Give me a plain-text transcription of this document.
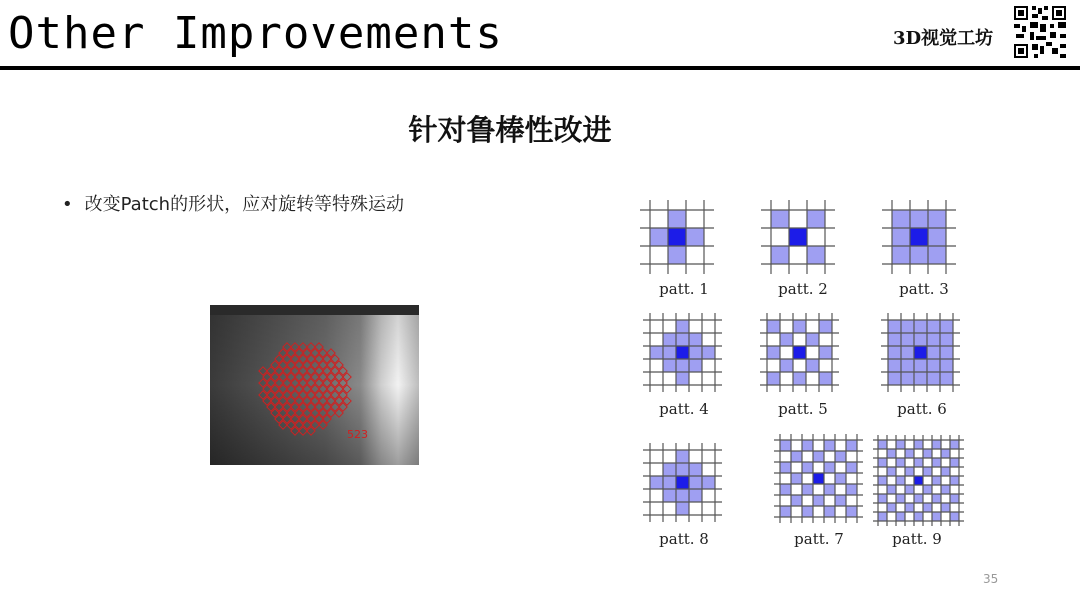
Other Improvements	3D视觉工坊
针对鲁棒性改进
• 改变Patch的形状，应对旋转等特殊运动
523
patt. 1	patt. 2	patt. 3
patt. 4	patt. 5	patt. 6
patt. 8	patt. 7	patt. 9
35
